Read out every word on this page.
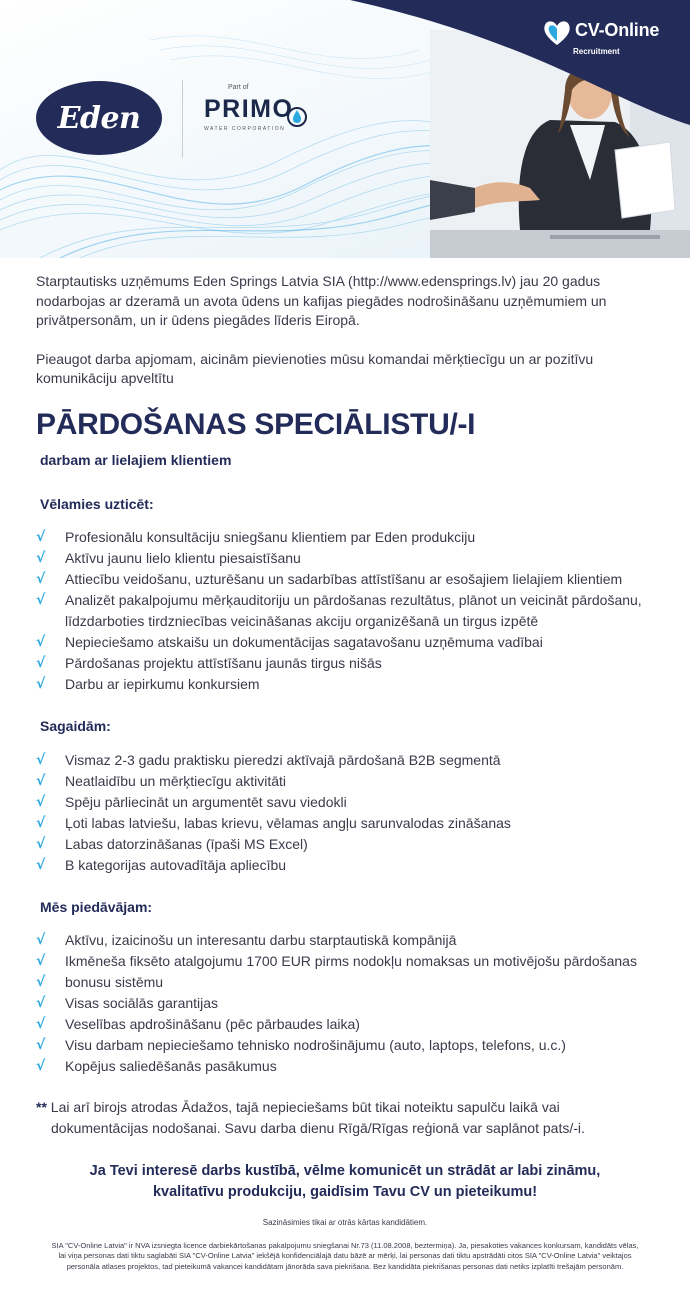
CV-Online
Recruitment
Eden
Part of
PRIMO
WATER CORPORATION

Starptautisks uzņēmums Eden Springs Latvia SIA (http://www.edensprings.lv) jau 20 gadus nodarbojas ar dzeramā un avota ūdens un kafijas piegādes nodrošināšanu uzņēmumiem un privātpersonām, un ir ūdens piegādes līderis Eiropā.

Pieaugot darba apjomam, aicinām pievienoties mūsu komandai mērķtiecīgu un ar pozitīvu komunikāciju apveltītu

PĀRDOŠANAS SPECIĀLISTU/-I
darbam ar lielajiem klientiem
Vēlamies uzticēt:
√ Profesionālu konsultāciju sniegšanu klientiem par Eden produkciju
√ Aktīvu jaunu lielo klientu piesaistīšanu
√ Attiecību veidošanu, uzturēšanu un sadarbības attīstīšanu ar esošajiem lielajiem klientiem
√ Analizēt pakalpojumu mērķauditoriju un pārdošanas rezultātus, plānot un veicināt pārdošanu, līdzdarboties tirdzniecības veicināšanas akciju organizēšanā un tirgus izpētē
√ Nepieciešamo atskaišu un dokumentācijas sagatavošanu uzņēmuma vadībai
√ Pārdošanas projektu attīstīšanu jaunās tirgus nišās
√ Darbu ar iepirkumu konkursiem
Sagaidām:
√ Vismaz 2-3 gadu praktisku pieredzi aktīvajā pārdošanā B2B segmentā
√ Neatlaidību un mērķtiecīgu aktivitāti
√ Spēju pārliecināt un argumentēt savu viedokli
√ Ļoti labas latviešu, labas krievu, vēlamas angļu sarunvalodas zināšanas
√ Labas datorzināšanas (īpaši MS Excel)
√ B kategorijas autovadītāja apliecību
Mēs piedāvājam:
√ Aktīvu, izaicinošu un interesantu darbu starptautiskā kompānijā
√ Ikmēneša fiksēto atalgojumu 1700 EUR pirms nodokļu nomaksas un motivējošu pārdošanas
√ bonusu sistēmu
√ Visas sociālās garantijas
√ Veselības apdrošināšanu (pēc pārbaudes laika)
√ Visu darbam nepieciešamo tehnisko nodrošinājumu (auto, laptops, telefons, u.c.)
√ Kopējus saliedēšanās pasākumus
** Lai arī birojs atrodas Ādažos, tajā nepieciešams būt tikai noteiktu sapulču laikā vai
dokumentācijas nodošanai. Savu darba dienu Rīgā/Rīgas reģionā var saplānot pats/-i.
Ja Tevi interesē darbs kustībā, vēlme komunicēt un strādāt ar labi zināmu,
kvalitatīvu produkciju, gaidīsim Tavu CV un pieteikumu!
Sazināsimies tikai ar otrās kārtas kandidātiem.
SIA "CV-Online Latvia" ir NVA izsniegta licence darbiekārtošanas pakalpojumu sniegšanai Nr.73 (11.08.2008, beztermiņa). Ja, piesakoties vakances konkursam, kandidāts vēlas, lai viņa personas dati tiktu saglabāti SIA "CV-Online Latvia" iekšējā konfidenciālajā datu bāzē ar mērķi, lai personas dati tiktu apstrādāti citos SIA "CV-Online Latvia" veiktajos personāla atlases projektos, tad pieteikumā vakancei kandidātam jānorāda sava piekrišana. Bez kandidāta piekrišanas personas dati netiks izplatīti trešajām personām.
